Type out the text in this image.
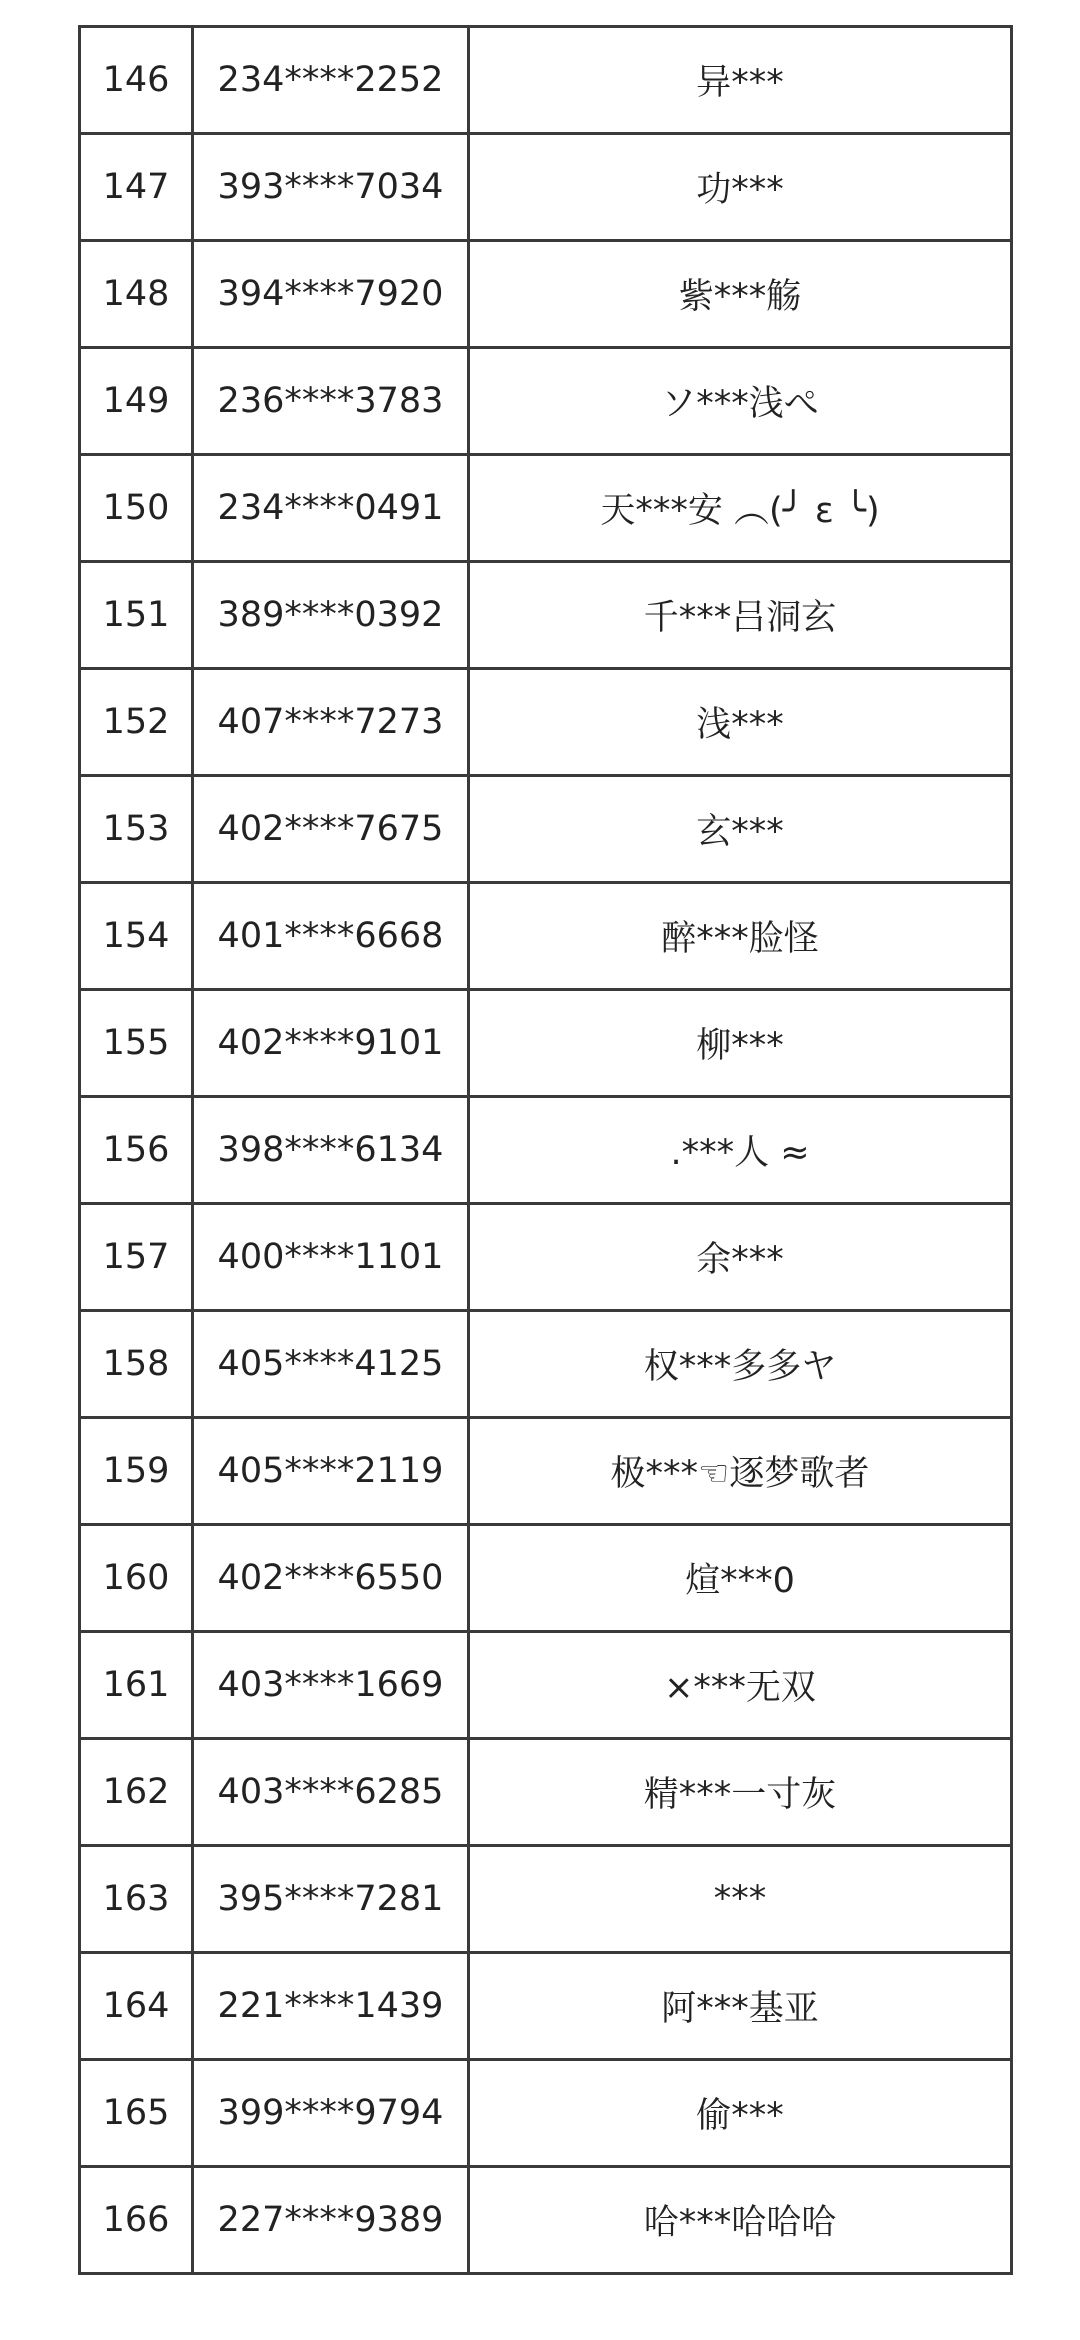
146	234****2252	异***
147	393****7034	功***
148	394****7920	紫***觞
149	236****3783	ソ***浅ぺ
150	234****0491	天***安 ︵(╯ ε ╰)
151	389****0392	千***吕洞玄
152	407****7273	浅***
153	402****7675	玄***
154	401****6668	醉***脸怪
155	402****9101	柳***
156	398****6134	.***人 ≈
157	400****1101	余***
158	405****4125	权***多多ヤ
159	405****2119	极***☜逐梦歌者
160	402****6550	煊***0
161	403****1669	×***无双
162	403****6285	精***一寸灰
163	395****7281	***
164	221****1439	阿***基亚
165	399****9794	偷***
166	227****9389	哈***哈哈哈
